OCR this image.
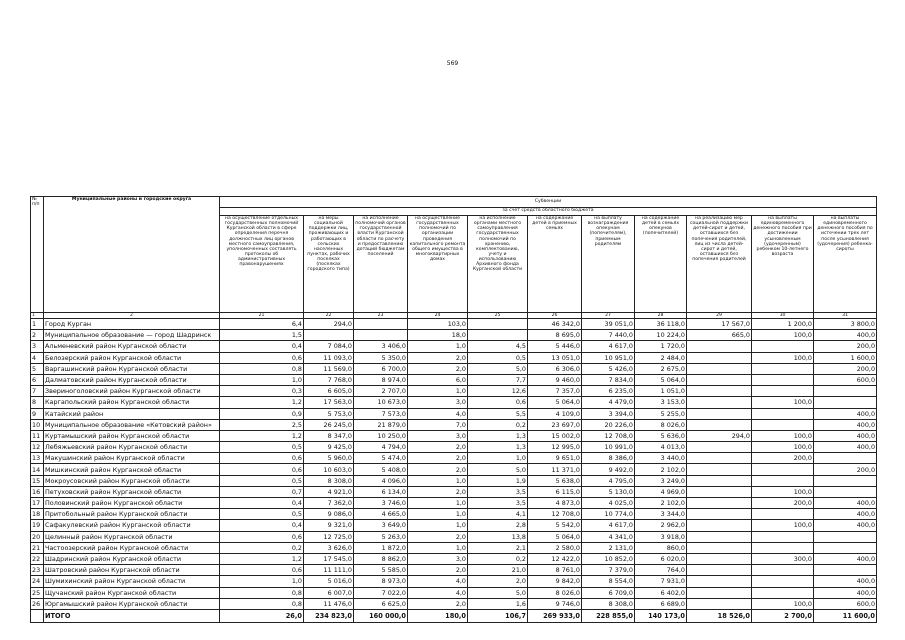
569
№ п/п	Муниципальные районы и городские округа	Субвенции										
		за счет средств областного бюджета										
		на осуществление отдельных государственных полномочий Курганской области в сфере определения перечня должностных лиц органов местного самоуправления, уполномоченных составлять протоколы об административных правонарушениях	на меры социальной поддержки лиц, проживающих и работающих в сельских населенных пунктах, рабочих поселках (поселках городского типа)	на исполнение полномочий органов государственной власти Курганской области по расчету и предоставлению дотаций бюджетам поселений	на осуществление государственных полномочий по организации проведения капитального ремонта общего имущества в многоквартирных домах	на исполнение органами местного самоуправления государственных полномочий по хранению, комплектованию, учету и использованию Архивного фонда Курганской области	на содержание детей в приемных семьях	на выплату вознаграждения опекунам (попечителям), приемным родителям	на содержание детей в семьях опекунов (попечителей)	на реализацию мер социальной поддержки детей-сирот и детей, оставшихся без попечения родителей, лиц из числа детей-сирот и детей, оставшихся без попечения родителей	на выплаты единовременного денежного пособия при достижении усыновленным (удочеренным) ребенком 10-летнего возраста	на выплаты единовременного денежного пособия по истечении трех лет после усыновления (удочерения) ребенка-сироты
1	2	21	22	23	24	25	26	27	28	29	30	31
1	Город Курган	6,4	294,0		103,0		46 342,0	39 051,0	36 118,0	17 567,0	1 200,0	3 800,0
2	Муниципальное образование — город Шадринск	1,5			18,0		8 695,0	7 440,0	10 224,0	665,0	100,0	400,0
3	Альменевский район Курганской области	0,4	7 084,0	3 406,0	1,0	4,5	5 446,0	4 617,0	1 720,0			200,0
4	Белозерский район Курганской области	0,6	11 093,0	5 350,0	2,0	0,5	13 051,0	10 951,0	2 484,0		100,0	1 600,0
5	Варгашинский район Курганской области	0,8	11 569,0	6 700,0	2,0	5,0	6 306,0	5 426,0	2 675,0			200,0
6	Далматовский район Курганской области	1,0	7 768,0	8 974,0	6,0	7,7	9 460,0	7 834,0	5 064,0			600,0
7	Звериноголовский район Курганской области	0,3	6 605,0	2 707,0	1,0	12,6	7 357,0	6 235,0	1 051,0			
8	Каргапольский район Курганской области	1,2	17 563,0	10 673,0	3,0	0,6	5 064,0	4 479,0	3 153,0		100,0	
9	Катайский район	0,9	5 753,0	7 573,0	4,0	5,5	4 109,0	3 394,0	5 255,0			400,0
10	Муниципальное образование «Кетовский район»	2,5	26 245,0	21 879,0	7,0	0,2	23 697,0	20 226,0	8 026,0			400,0
11	Куртамышский район Курганской области	1,2	8 347,0	10 250,0	3,0	1,3	15 002,0	12 708,0	5 636,0	294,0	100,0	400,0
12	Лебяжьевский район Курганской области	0,5	9 425,0	4 794,0	2,0	1,3	12 995,0	10 991,0	4 013,0		100,0	400,0
13	Макушинский район Курганской области	0,6	5 960,0	5 474,0	2,0	1,0	9 651,0	8 386,0	3 440,0		200,0	
14	Мишкинский район Курганской области	0,6	10 603,0	5 408,0	2,0	5,0	11 371,0	9 492,0	2 102,0			200,0
15	Мокроусовский район Курганской области	0,5	8 308,0	4 096,0	1,0	1,9	5 638,0	4 795,0	3 249,0			
16	Петуховский район Курганской области	0,7	4 921,0	6 134,0	2,0	3,5	6 115,0	5 130,0	4 969,0		100,0	
17	Половинский район Курганской области	0,4	7 362,0	3 746,0	1,0	3,5	4 873,0	4 025,0	2 102,0		200,0	400,0
18	Притобольный район Курганской области	0,5	9 086,0	4 665,0	1,0	4,1	12 708,0	10 774,0	3 344,0			400,0
19	Сафакулевский район Курганской области	0,4	9 321,0	3 649,0	1,0	2,8	5 542,0	4 617,0	2 962,0		100,0	400,0
20	Целинный район Курганской области	0,6	12 725,0	5 263,0	2,0	13,8	5 064,0	4 341,0	3 918,0			
21	Частоозерский район Курганской области	0,2	3 626,0	1 872,0	1,0	2,1	2 580,0	2 131,0	860,0			
22	Шадринский район Курганской области	1,2	17 545,0	8 862,0	3,0	0,2	12 422,0	10 852,0	6 020,0		300,0	400,0
23	Шатровский район Курганской области	0,6	11 111,0	5 585,0	2,0	21,0	8 761,0	7 379,0	764,0			
24	Шумихинский район Курганской области	1,0	5 016,0	8 973,0	4,0	2,0	9 842,0	8 554,0	7 931,0			400,0
25	Щучанский район Курганской области	0,8	6 007,0	7 022,0	4,0	5,0	8 026,0	6 709,0	6 402,0			400,0
26	Юргамышский район Курганской области	0,8	11 476,0	6 625,0	2,0	1,6	9 746,0	8 308,0	6 689,0		100,0	600,0
	ИТОГО	26,0	234 823,0	160 000,0	180,0	106,7	269 933,0	228 855,0	140 173,0	18 526,0	2 700,0	11 600,0
